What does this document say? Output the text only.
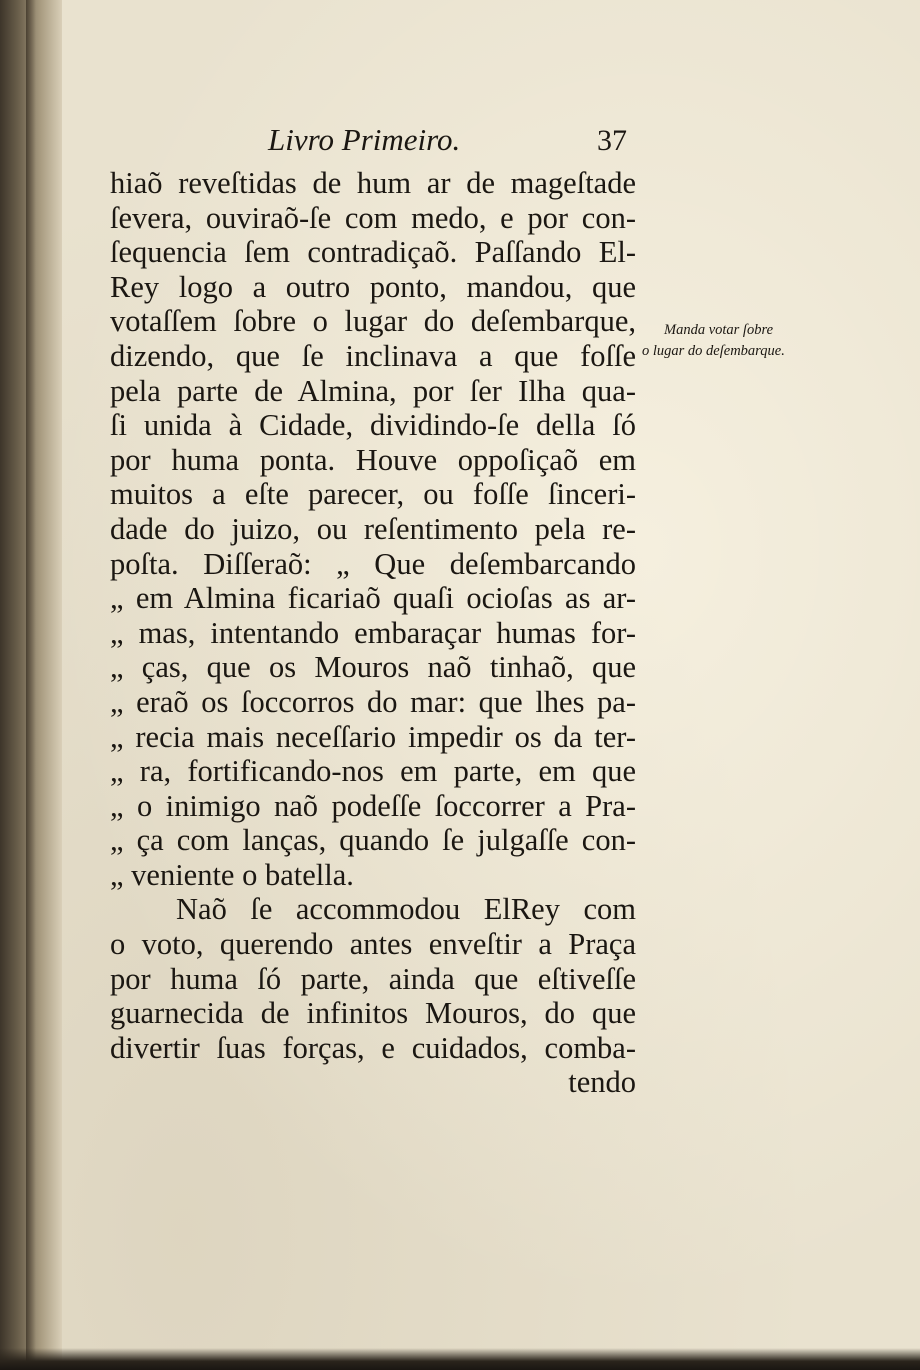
Livro Primeiro.	37
hiaõ reveſtidas de hum ar de mageſtade
ſevera, ouviraõ-ſe com medo, e por con-
ſequencia ſem contradiçaõ. Paſſando El-
Rey logo a outro ponto, mandou, que
votaſſem ſobre o lugar do deſembarque,
dizendo, que ſe inclinava a que foſſe
pela parte de Almina, por ſer Ilha qua-
ſi unida à Cidade, dividindo-ſe della ſó
por huma ponta. Houve oppoſiçaõ em
muitos a eſte parecer, ou foſſe ſinceri-
dade do juizo, ou reſentimento pela re-
poſta. Diſſeraõ: „ Que deſembarcando
„ em Almina ficariaõ quaſi ocioſas as ar-
„ mas, intentando embaraçar humas for-
„ ças, que os Mouros naõ tinhaõ, que
„ eraõ os ſoccorros do mar: que lhes pa-
„ recia mais neceſſario impedir os da ter-
„ ra, fortificando-nos em parte, em que
„ o inimigo naõ podeſſe ſoccorrer a Pra-
„ ça com lanças, quando ſe julgaſſe con-
„ veniente o batella.
Naõ ſe accommodou ElRey com
o voto, querendo antes enveſtir a Praça
por huma ſó parte, ainda que eſtiveſſe
guarnecida de infinitos Mouros, do que
divertir ſuas forças, e cuidados, comba-
tendo
Manda votar ſobre
o lugar do deſembarque.
